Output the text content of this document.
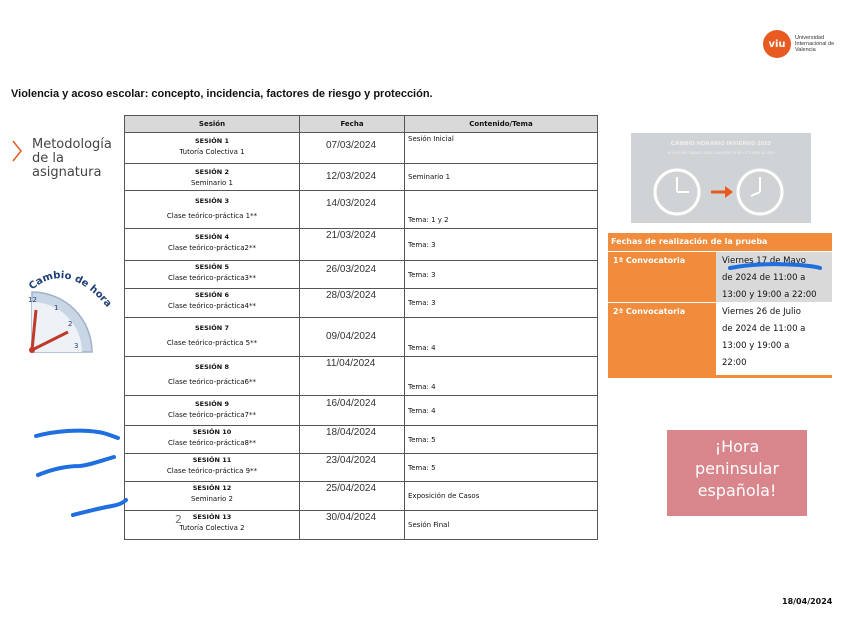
viu
Universidad Internacional de Valencia
Violencia y acoso escolar: concepto, incidencia, factores de riesgo y protección.
Metodología de la asignatura
Cambio de hor
12
1
2
3
Sesión	Fecha	Contenido/Tema

SESIÓN 1
Tutoría Colectiva 1	07/03/2024	Sesión Inicial

SESIÓN 2
Seminario 1	12/03/2024	Seminario 1

SESIÓN 3
Clase teórico-práctica 1**	14/03/2024	Tema: 1 y 2

SESIÓN 4
Clase teórico-práctica2**	21/03/2024	Tema: 3

SESIÓN 5
Clase teórico-práctica3**	26/03/2024	Tema: 3

SESIÓN 6
Clase teórico-práctica4**	28/03/2024	Tema: 3

SESIÓN 7
Clase teórico-práctica 5**	09/04/2024	Tema: 4

SESIÓN 8
Clase teórico-práctica6**	11/04/2024	Tema: 4

SESIÓN 9
Clase teórico-práctica7**	16/04/2024	Tema: 4

SESIÓN 10
Clase teórico-práctica8**	18/04/2024	Tema: 5

SESIÓN 11
Clase teórico-práctica 9**	23/04/2024	Tema: 5

SESIÓN 12
Seminario 2	25/04/2024	Exposición de Casos

2 SESIÓN 13
Tutoría Colectiva 2	30/04/2024	Sesión Final
CAMBIO HORARIO INVIERNO 2023
NOCHE DEL SÁBADO 28 AL DOMINGO 29 DE OCTUBRE DE 2023
Fechas de realización de la prueba
1ª Convocatoria	Viernes 17 de Mayo
de 2024 de 11:00 a
13:00 y 19:00 a 22:00
2ª Convocatoria	Viernes 26 de Julio
de 2024 de 11:00 a
13:00 y 19:00 a
22:00
¡Hora
peninsular
española!
18/04/2024
